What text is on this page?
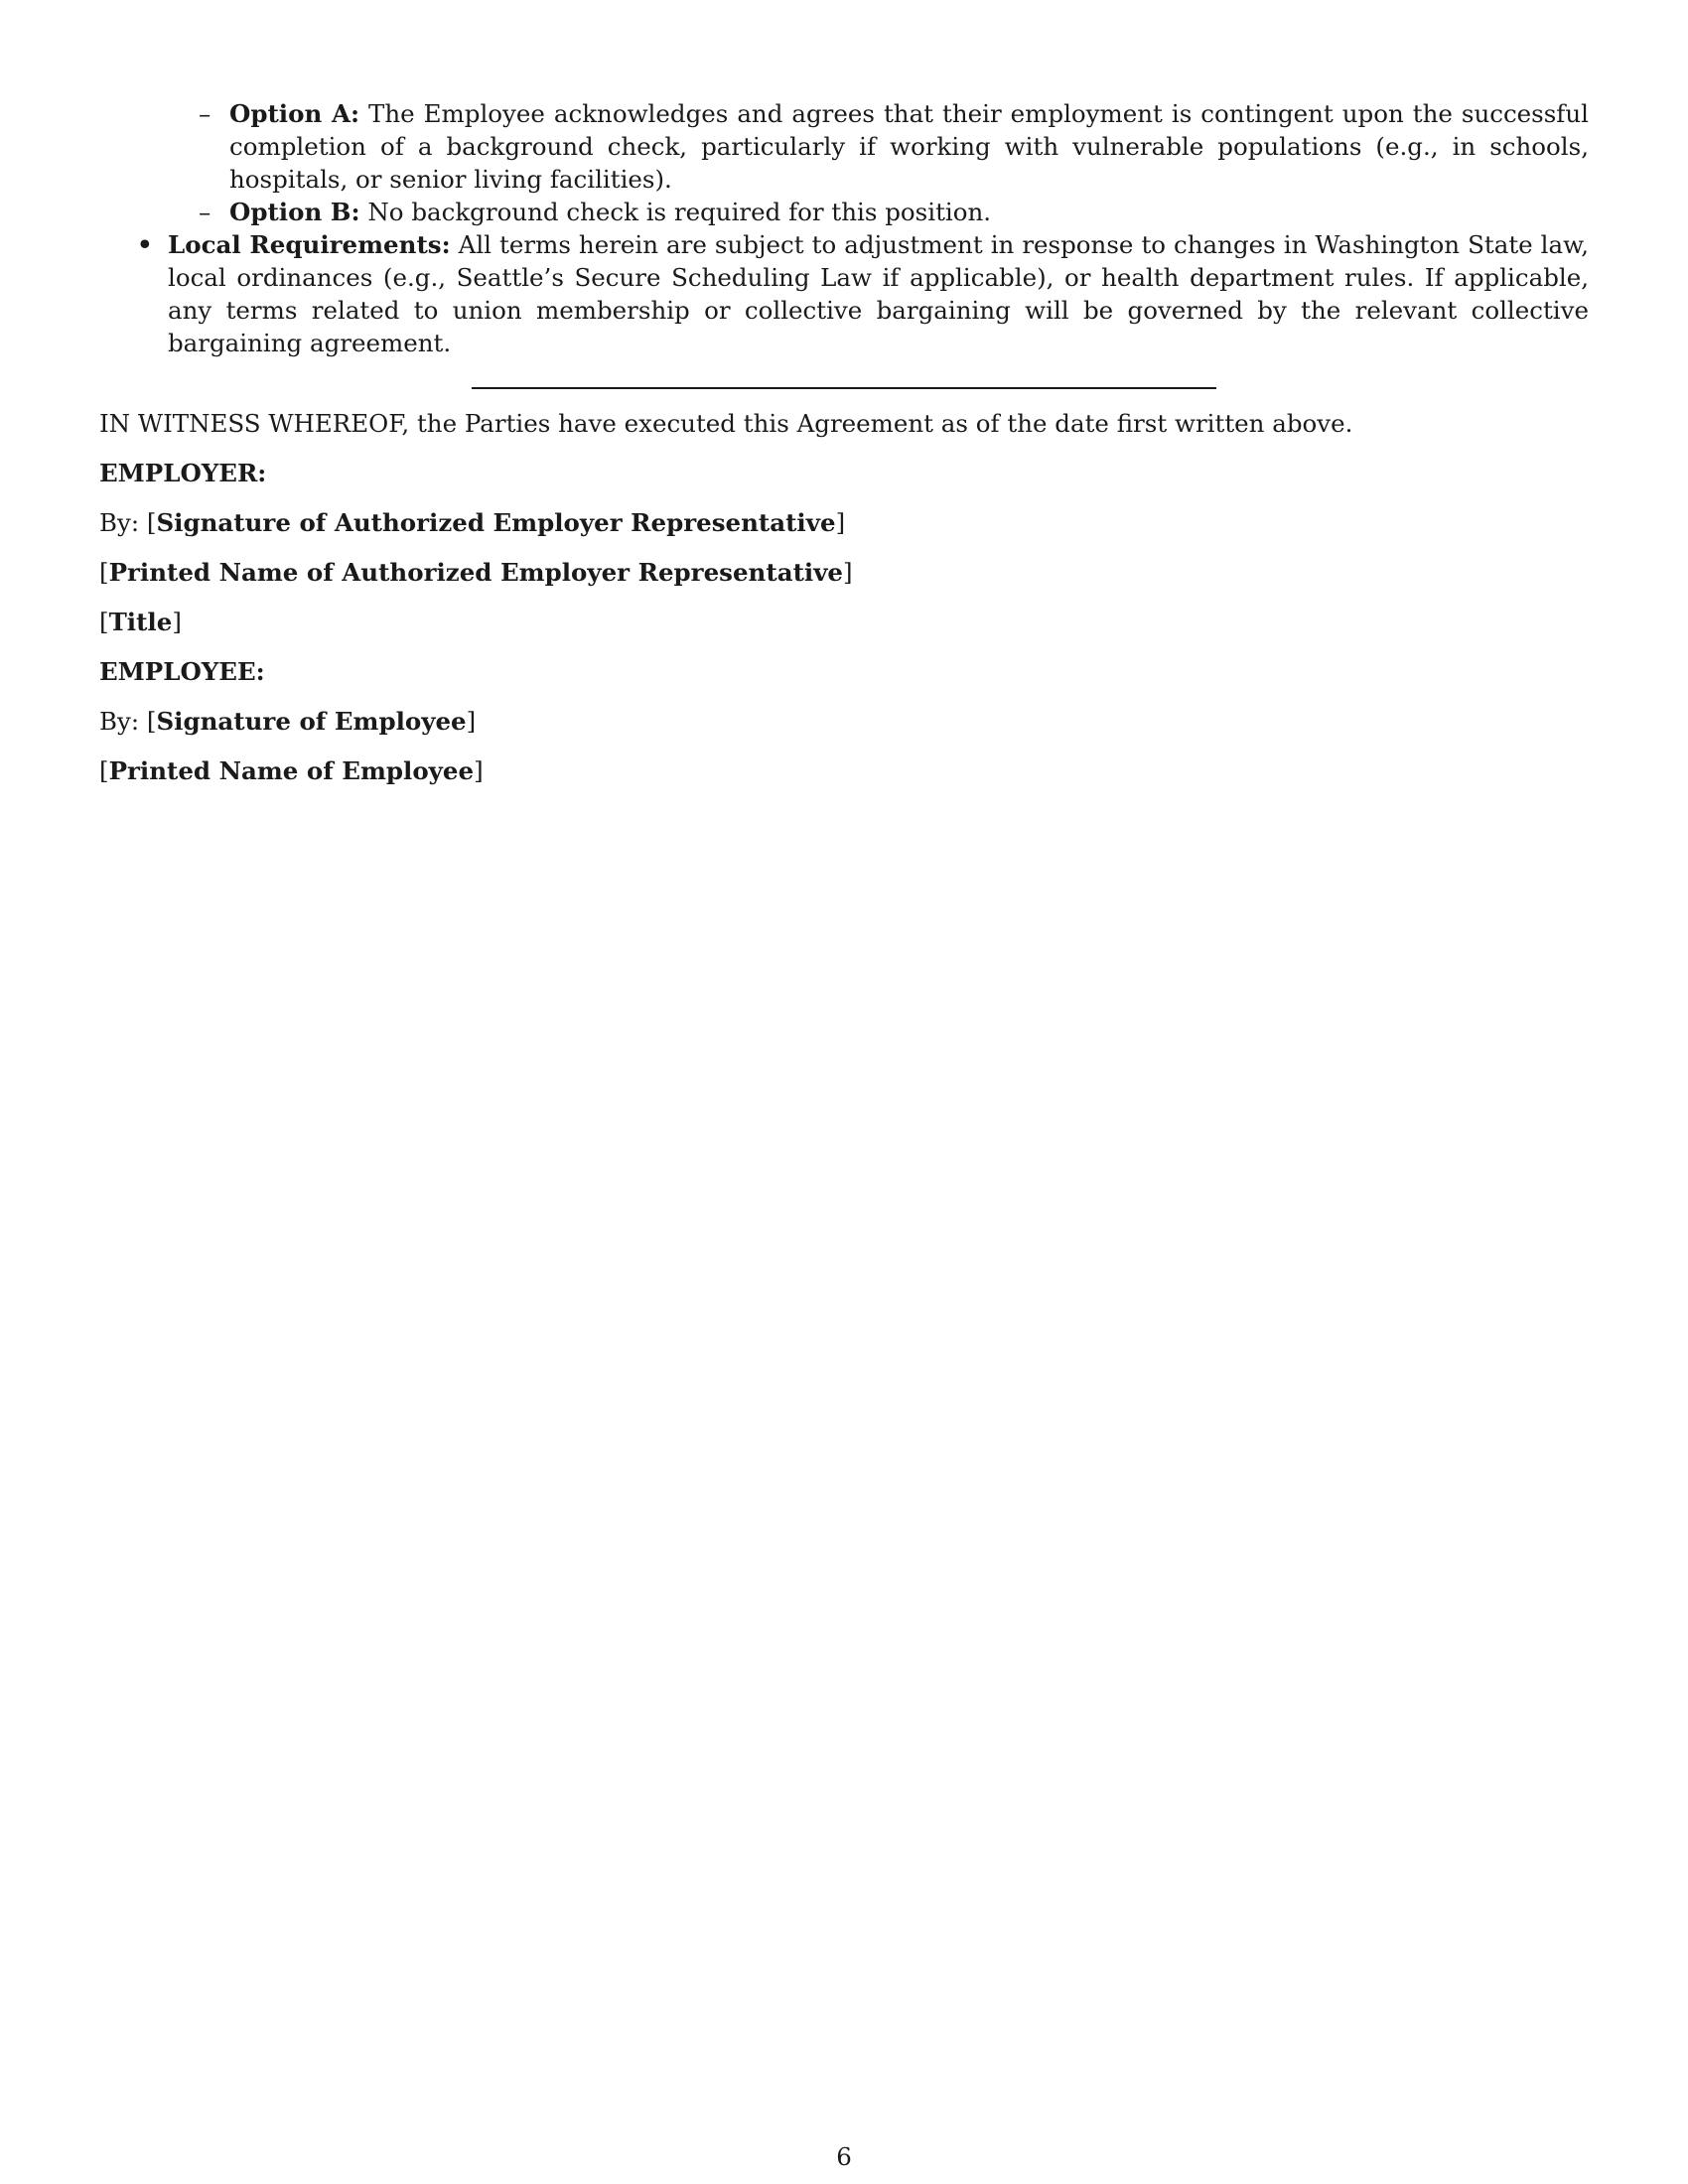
– Option A: The Employee acknowledges and agrees that their employment is contingent upon the successful completion of a background check, particularly if working with vulnerable populations (e.g., in schools, hospitals, or senior living facilities).
– Option B: No background check is required for this position.
• Local Requirements: All terms herein are subject to adjustment in response to changes in Washington State law, local ordinances (e.g., Seattle’s Secure Scheduling Law if applicable), or health department rules. If applicable, any terms related to union membership or collective bargaining will be governed by the relevant collective bargaining agreement.
IN WITNESS WHEREOF, the Parties have executed this Agreement as of the date first written above.
EMPLOYER:
By: [Signature of Authorized Employer Representative]
[Printed Name of Authorized Employer Representative]
[Title]
EMPLOYEE:
By: [Signature of Employee]
[Printed Name of Employee]
6
